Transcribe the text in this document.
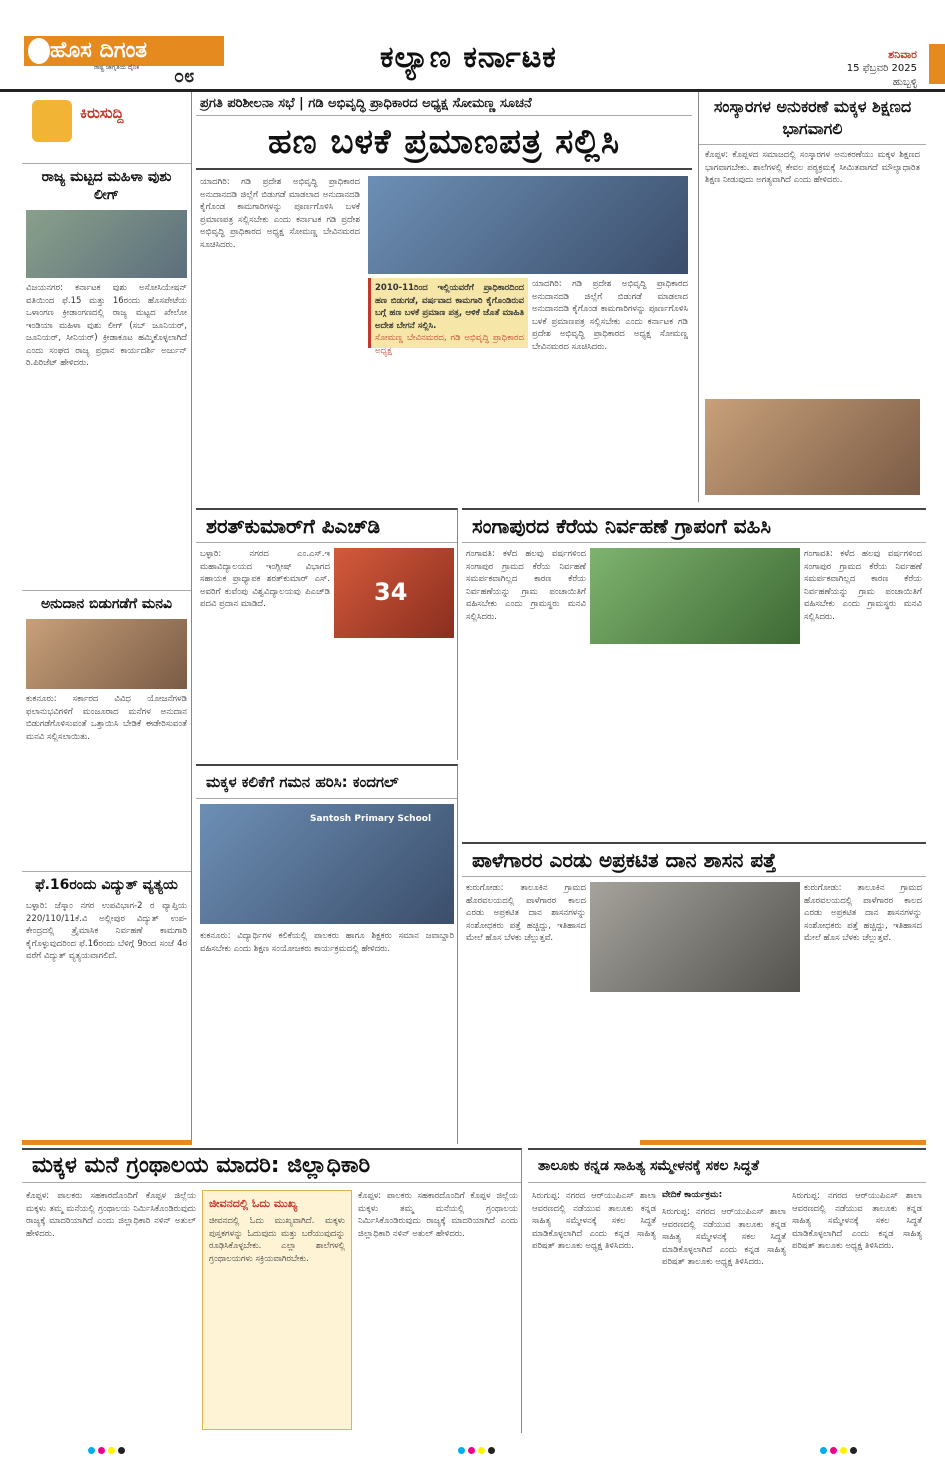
ಹೊಸ ದಿಗಂತ
ರಾಷ್ಟ್ರ ಜಾಗೃತಿಯ ದೈನಿಕ ೦೮
ಕಲ್ಯಾಣ ಕರ್ನಾಟಕ	ಶನಿವಾರ
15 ಫೆಬ್ರವರಿ 2025
ಹುಬ್ಬಳ್ಳಿ
ಕಿರುಸುದ್ದಿ
ರಾಜ್ಯ ಮಟ್ಟದ ಮಹಿಳಾ ವುಶು ಲೀಗ್
ವಿಜಯನಗರ: ಕರ್ನಾಟಕ ವುಶು ಅಸೋಸಿಯೇಷನ್ ವತಿಯಿಂದ ಫೆ.15 ಮತ್ತು 16ರಂದು ಹೊಸಪೇಟೆಯ ಒಳಾಂಗಣ ಕ್ರೀಡಾಂಗಣದಲ್ಲಿ ರಾಜ್ಯ ಮಟ್ಟದ ಖೇಲೋ ಇಂಡಿಯಾ ಮಹಿಳಾ ವುಶು ಲೀಗ್ (ಸಬ್ ಜೂನಿಯರ್, ಜೂನಿಯರ್, ಸೀನಿಯರ್) ಕ್ರೀಡಾಕೂಟ ಹಮ್ಮಿಕೊಳ್ಳಲಾಗಿದೆ ಎಂದು ಸಂಘದ ರಾಜ್ಯ ಪ್ರಧಾನ ಕಾರ್ಯದರ್ಶಿ ಅರ್ಜುನ್ ರಿ.ಪಿರಿಜೆಟ್ ಹೇಳಿದರು.
ಅನುದಾನ ಬಿಡುಗಡೆಗೆ ಮನವಿ
ಕುಕನೂರು: ಸರ್ಕಾರದ ವಿವಿಧ ಯೋಜನೆಗಳಡಿ ಫಲಾನುಭವಿಗಳಿಗೆ ಮಂಜೂರಾದ ಮನೆಗಳ ಅನುದಾನ ಬಿಡುಗಡೆಗೊಳಿಸುವಂತೆ ಒತ್ತಾಯಿಸಿ ಬೇಡಿಕೆ ಈಡೇರಿಸುವಂತೆ ಮನವಿ ಸಲ್ಲಿಸಲಾಯಿತು.
ಫೆ.16ರಂದು ವಿದ್ಯುತ್ ವ್ಯತ್ಯಯ
ಬಳ್ಳಾರಿ: ಜೆಸ್ಕಾಂ ನಗರ ಉಪವಿಭಾಗ-2 ರ ವ್ಯಾಪ್ತಿಯ 220/110/11ಕೆ.ವಿ ಅಲ್ಲೀಪುರ ವಿದ್ಯುತ್ ಉಪ-ಕೇಂದ್ರದಲ್ಲಿ ತ್ರೈಮಾಸಿಕ ನಿರ್ವಹಣೆ ಕಾಮಗಾರಿ ಕೈಗೊಳ್ಳುವುದರಿಂದ ಫೆ.16ರಂದು ಬೆಳಿಗ್ಗೆ 9ರಿಂದ ಸಂಜೆ 4ರ ವರೆಗೆ ವಿದ್ಯುತ್ ವ್ಯತ್ಯಯವಾಗಲಿದೆ.
ಪ್ರಗತಿ ಪರಿಶೀಲನಾ ಸಭೆ | ಗಡಿ ಅಭಿವೃದ್ಧಿ ಪ್ರಾಧಿಕಾರದ ಅಧ್ಯಕ್ಷ ಸೋಮಣ್ಣ ಸೂಚನೆ
ಹಣ ಬಳಕೆ ಪ್ರಮಾಣಪತ್ರ ಸಲ್ಲಿಸಿ
ಯಾದಗಿರಿ: ಗಡಿ ಪ್ರದೇಶ ಅಭಿವೃದ್ಧಿ ಪ್ರಾಧಿಕಾರದ ಅನುದಾನದಡಿ ಜಿಲ್ಲೆಗೆ ಬಿಡುಗಡೆ ಮಾಡಲಾದ ಅನುದಾನದಡಿ ಕೈಗೊಂಡ ಕಾಮಗಾರಿಗಳನ್ನು ಪೂರ್ಣಗೊಳಿಸಿ ಬಳಕೆ ಪ್ರಮಾಣಪತ್ರ ಸಲ್ಲಿಸಬೇಕು ಎಂದು ಕರ್ನಾಟಕ ಗಡಿ ಪ್ರದೇಶ ಅಭಿವೃದ್ಧಿ ಪ್ರಾಧಿಕಾರದ ಅಧ್ಯಕ್ಷ ಸೋಮಣ್ಣ ಬೇವಿನಮರದ ಸೂಚಿಸಿದರು.
2010-11ರಿಂದ ಇಲ್ಲಿಯವರೆಗೆ ಪ್ರಾಧಿಕಾರದಿಂದ ಹಣ ಬಿಡುಗಡೆ, ವರ್ಷವಾದ ಕಾಮಗಾರಿ ಕೈಗೊಂಡಿರುವ ಬಗ್ಗೆ ಹಣ ಬಳಕೆ ಪ್ರಮಾಣ ಪತ್ರ, ಆಳಿಕೆ ಜೊತೆ ಮಾಹಿತಿ ಅದೇಶ ಬೇಗನೆ ಸಲ್ಲಿಸಿ.
ಸೋಮಣ್ಣ ಬೇವಿನಮರದ, ಗಡಿ ಅಭಿವೃದ್ಧಿ ಪ್ರಾಧಿಕಾರದ ಅಧ್ಯಕ್ಷ
ಯಾದಗಿರಿ: ಗಡಿ ಪ್ರದೇಶ ಅಭಿವೃದ್ಧಿ ಪ್ರಾಧಿಕಾರದ ಅನುದಾನದಡಿ ಜಿಲ್ಲೆಗೆ ಬಿಡುಗಡೆ ಮಾಡಲಾದ ಅನುದಾನದಡಿ ಕೈಗೊಂಡ ಕಾಮಗಾರಿಗಳನ್ನು ಪೂರ್ಣಗೊಳಿಸಿ ಬಳಕೆ ಪ್ರಮಾಣಪತ್ರ ಸಲ್ಲಿಸಬೇಕು ಎಂದು ಕರ್ನಾಟಕ ಗಡಿ ಪ್ರದೇಶ ಅಭಿವೃದ್ಧಿ ಪ್ರಾಧಿಕಾರದ ಅಧ್ಯಕ್ಷ ಸೋಮಣ್ಣ ಬೇವಿನಮರದ ಸೂಚಿಸಿದರು.
ಸಂಸ್ಕಾರಗಳ ಅನುಕರಣೆ ಮಕ್ಕಳ ಶಿಕ್ಷಣದ ಭಾಗವಾಗಲಿ
ಕೊಪ್ಪಳ: ಕೊಪ್ಪಳದ ಸಮಾಜದಲ್ಲಿ ಸಂಸ್ಕಾರಗಳ ಅನುಕರಣೆಯು ಮಕ್ಕಳ ಶಿಕ್ಷಣದ ಭಾಗವಾಗಬೇಕು. ಶಾಲೆಗಳಲ್ಲಿ ಕೇವಲ ಪಠ್ಯಕ್ರಮಕ್ಕೆ ಸೀಮಿತವಾಗದೆ ಮೌಲ್ಯಾಧಾರಿತ ಶಿಕ್ಷಣ ನೀಡುವುದು ಅಗತ್ಯವಾಗಿದೆ ಎಂದು ಹೇಳಿದರು.
ಶರತ್‌ಕುಮಾರ್‌ಗೆ ಪಿಎಚ್‌ಡಿ
ಬಳ್ಳಾರಿ: ನಗರದ ಎಂ.ಎಸ್.ಇ ಮಹಾವಿದ್ಯಾಲಯದ ಇಂಗ್ಲೀಷ್ ವಿಭಾಗದ ಸಹಾಯಕ ಪ್ರಾಧ್ಯಾಪಕ ಶರತ್‌ಕುಮಾರ್ ಎಸ್. ಅವರಿಗೆ ಕುವೆಂಪು ವಿಶ್ವವಿದ್ಯಾಲಯವು ಪಿಎಚ್‌ಡಿ ಪದವಿ ಪ್ರದಾನ ಮಾಡಿದೆ.	34
ಸಂಗಾಪುರದ ಕೆರೆಯ ನಿರ್ವಹಣೆ ಗ್ರಾಪಂಗೆ ವಹಿಸಿ
ಗಂಗಾವತಿ: ಕಳೆದ ಹಲವು ವರ್ಷಗಳಿಂದ ಸಂಗಾಪುರ ಗ್ರಾಮದ ಕೆರೆಯ ನಿರ್ವಹಣೆ ಸಮರ್ಪಕವಾಗಿಲ್ಲದ ಕಾರಣ ಕೆರೆಯ ನಿರ್ವಹಣೆಯನ್ನು ಗ್ರಾಮ ಪಂಚಾಯಿತಿಗೆ ವಹಿಸಬೇಕು ಎಂದು ಗ್ರಾಮಸ್ಥರು ಮನವಿ ಸಲ್ಲಿಸಿದರು.
ಗಂಗಾವತಿ: ಕಳೆದ ಹಲವು ವರ್ಷಗಳಿಂದ ಸಂಗಾಪುರ ಗ್ರಾಮದ ಕೆರೆಯ ನಿರ್ವಹಣೆ ಸಮರ್ಪಕವಾಗಿಲ್ಲದ ಕಾರಣ ಕೆರೆಯ ನಿರ್ವಹಣೆಯನ್ನು ಗ್ರಾಮ ಪಂಚಾಯಿತಿಗೆ ವಹಿಸಬೇಕು ಎಂದು ಗ್ರಾಮಸ್ಥರು ಮನವಿ ಸಲ್ಲಿಸಿದರು.
ಮಕ್ಕಳ ಕಲಿಕೆಗೆ ಗಮನ ಹರಿಸಿ: ಕಂದಗಲ್
Santosh Primary School
ಕುಕನೂರು: ವಿದ್ಯಾರ್ಥಿಗಳ ಕಲಿಕೆಯಲ್ಲಿ ಪಾಲಕರು ಹಾಗೂ ಶಿಕ್ಷಕರು ಸಮಾನ ಜವಾಬ್ದಾರಿ ವಹಿಸಬೇಕು ಎಂದು ಶಿಕ್ಷಣ ಸಂಯೋಜಕರು ಕಾರ್ಯಕ್ರಮದಲ್ಲಿ ಹೇಳಿದರು.
ಪಾಳೆಗಾರರ ಎರಡು ಅಪ್ರಕಟಿತ ದಾನ ಶಾಸನ ಪತ್ತೆ
ಕುರುಗೋಡು: ತಾಲೂಕಿನ ಗ್ರಾಮದ ಹೊರವಲಯದಲ್ಲಿ ಪಾಳೆಗಾರರ ಕಾಲದ ಎರಡು ಅಪ್ರಕಟಿತ ದಾನ ಶಾಸನಗಳನ್ನು ಸಂಶೋಧಕರು ಪತ್ತೆ ಹಚ್ಚಿದ್ದು, ಇತಿಹಾಸದ ಮೇಲೆ ಹೊಸ ಬೆಳಕು ಚೆಲ್ಲುತ್ತವೆ.
ಕುರುಗೋಡು: ತಾಲೂಕಿನ ಗ್ರಾಮದ ಹೊರವಲಯದಲ್ಲಿ ಪಾಳೆಗಾರರ ಕಾಲದ ಎರಡು ಅಪ್ರಕಟಿತ ದಾನ ಶಾಸನಗಳನ್ನು ಸಂಶೋಧಕರು ಪತ್ತೆ ಹಚ್ಚಿದ್ದು, ಇತಿಹಾಸದ ಮೇಲೆ ಹೊಸ ಬೆಳಕು ಚೆಲ್ಲುತ್ತವೆ.
ಮಕ್ಕಳ ಮನೆ ಗ್ರಂಥಾಲಯ ಮಾದರಿ: ಜಿಲ್ಲಾಧಿಕಾರಿ
ಕೊಪ್ಪಳ: ಪಾಲಕರು ಸಹಕಾರದೊಂದಿಗೆ ಕೊಪ್ಪಳ ಜಿಲ್ಲೆಯ ಮಕ್ಕಳು ತಮ್ಮ ಮನೆಯಲ್ಲಿ ಗ್ರಂಥಾಲಯ ನಿರ್ಮಿಸಿಕೊಂಡಿರುವುದು ರಾಜ್ಯಕ್ಕೆ ಮಾದರಿಯಾಗಿದೆ ಎಂದು ಜಿಲ್ಲಾಧಿಕಾರಿ ನಳಿನ್ ಅತುಲ್ ಹೇಳಿದರು.
ಜೀವನದಲ್ಲಿ ಓದು ಮುಖ್ಯ
ಜೀವನದಲ್ಲಿ ಓದು ಮುಖ್ಯವಾಗಿದೆ. ಮಕ್ಕಳು ಪುಸ್ತಕಗಳನ್ನು ಓದುವುದು ಮತ್ತು ಬರೆಯುವುದನ್ನು ರೂಢಿಸಿಕೊಳ್ಳಬೇಕು. ಎಲ್ಲಾ ಶಾಲೆಗಳಲ್ಲಿ ಗ್ರಂಥಾಲಯಗಳು ಸಕ್ರಿಯವಾಗಿರಬೇಕು.
ಕೊಪ್ಪಳ: ಪಾಲಕರು ಸಹಕಾರದೊಂದಿಗೆ ಕೊಪ್ಪಳ ಜಿಲ್ಲೆಯ ಮಕ್ಕಳು ತಮ್ಮ ಮನೆಯಲ್ಲಿ ಗ್ರಂಥಾಲಯ ನಿರ್ಮಿಸಿಕೊಂಡಿರುವುದು ರಾಜ್ಯಕ್ಕೆ ಮಾದರಿಯಾಗಿದೆ ಎಂದು ಜಿಲ್ಲಾಧಿಕಾರಿ ನಳಿನ್ ಅತುಲ್ ಹೇಳಿದರು.
ತಾಲೂಕು ಕನ್ನಡ ಸಾಹಿತ್ಯ ಸಮ್ಮೇಳನಕ್ಕೆ ಸಕಲ ಸಿದ್ಧತೆ
ಸಿರುಗುಪ್ಪ: ನಗರದ ಆರ್‌ಯುಪಿಎಸ್ ಶಾಲಾ ಆವರಣದಲ್ಲಿ ನಡೆಯುವ ತಾಲೂಕು ಕನ್ನಡ ಸಾಹಿತ್ಯ ಸಮ್ಮೇಳನಕ್ಕೆ ಸಕಲ ಸಿದ್ಧತೆ ಮಾಡಿಕೊಳ್ಳಲಾಗಿದೆ ಎಂದು ಕನ್ನಡ ಸಾಹಿತ್ಯ ಪರಿಷತ್ ತಾಲೂಕು ಅಧ್ಯಕ್ಷ ತಿಳಿಸಿದರು.
ವೇದಿಕೆ ಕಾರ್ಯಕ್ರಮ:
ಸಿರುಗುಪ್ಪ: ನಗರದ ಆರ್‌ಯುಪಿಎಸ್ ಶಾಲಾ ಆವರಣದಲ್ಲಿ ನಡೆಯುವ ತಾಲೂಕು ಕನ್ನಡ ಸಾಹಿತ್ಯ ಸಮ್ಮೇಳನಕ್ಕೆ ಸಕಲ ಸಿದ್ಧತೆ ಮಾಡಿಕೊಳ್ಳಲಾಗಿದೆ ಎಂದು ಕನ್ನಡ ಸಾಹಿತ್ಯ ಪರಿಷತ್ ತಾಲೂಕು ಅಧ್ಯಕ್ಷ ತಿಳಿಸಿದರು.
ಸಿರುಗುಪ್ಪ: ನಗರದ ಆರ್‌ಯುಪಿಎಸ್ ಶಾಲಾ ಆವರಣದಲ್ಲಿ ನಡೆಯುವ ತಾಲೂಕು ಕನ್ನಡ ಸಾಹಿತ್ಯ ಸಮ್ಮೇಳನಕ್ಕೆ ಸಕಲ ಸಿದ್ಧತೆ ಮಾಡಿಕೊಳ್ಳಲಾಗಿದೆ ಎಂದು ಕನ್ನಡ ಸಾಹಿತ್ಯ ಪರಿಷತ್ ತಾಲೂಕು ಅಧ್ಯಕ್ಷ ತಿಳಿಸಿದರು.
